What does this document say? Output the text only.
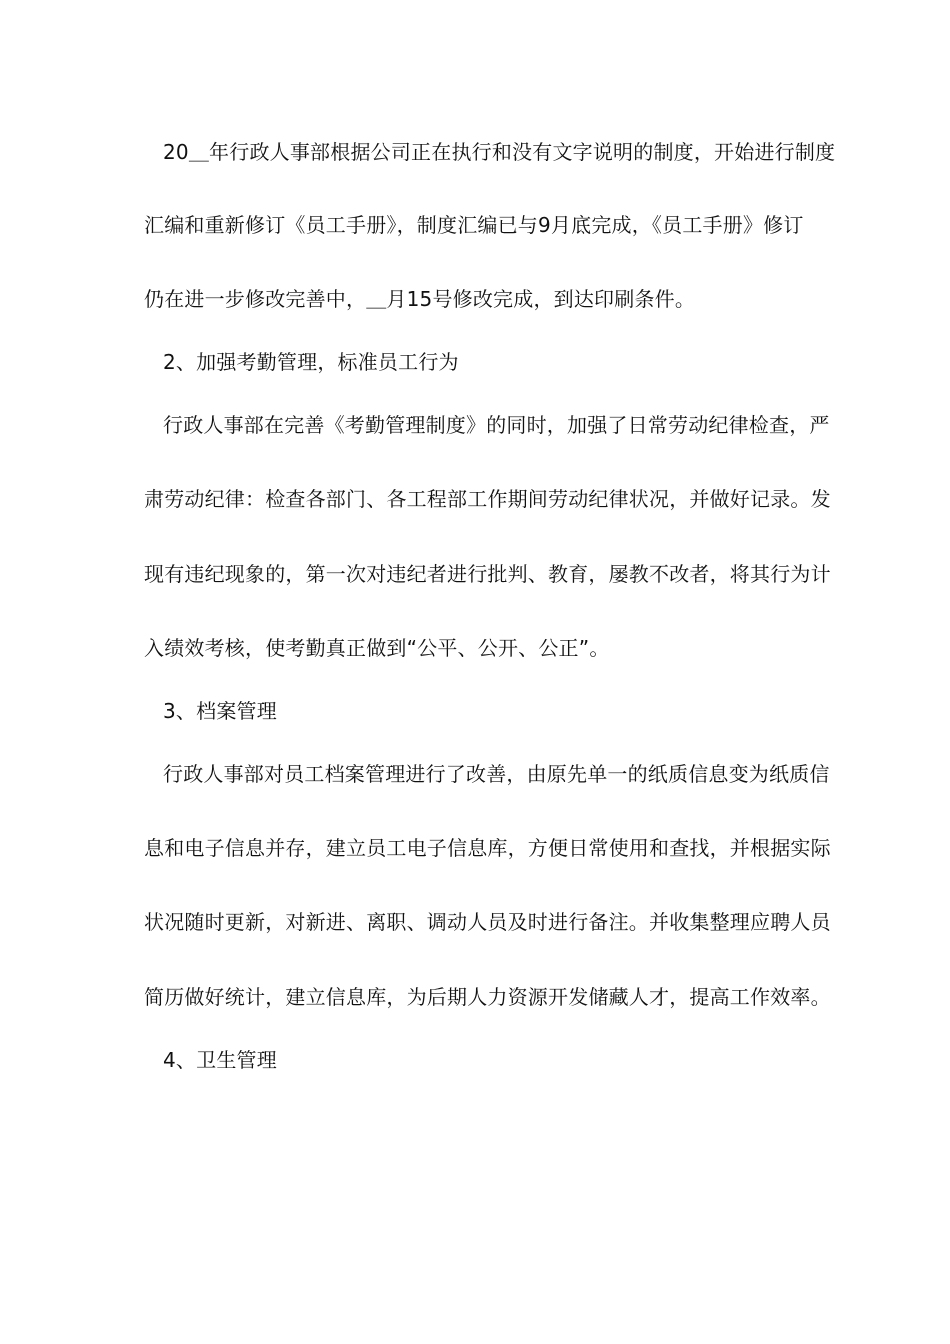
20＿年行政人事部根据公司正在执行和没有文字说明的制度，开始进行制度
汇编和重新修订《员工手册》，制度汇编已与9月底完成，《员工手册》修订
仍在进一步修改完善中，＿月15号修改完成，到达印刷条件。
2、加强考勤管理，标准员工行为
行政人事部在完善《考勤管理制度》的同时，加强了日常劳动纪律检查，严
肃劳动纪律：检查各部门、各工程部工作期间劳动纪律状况，并做好记录。发
现有违纪现象的，第一次对违纪者进行批判、教育，屡教不改者，将其行为计
入绩效考核，使考勤真正做到“公平、公开、公正”。
3、档案管理
行政人事部对员工档案管理进行了改善，由原先单一的纸质信息变为纸质信
息和电子信息并存，建立员工电子信息库，方便日常使用和查找，并根据实际
状况随时更新，对新进、离职、调动人员及时进行备注。并收集整理应聘人员
简历做好统计，建立信息库，为后期人力资源开发储藏人才，提高工作效率。
4、卫生管理
